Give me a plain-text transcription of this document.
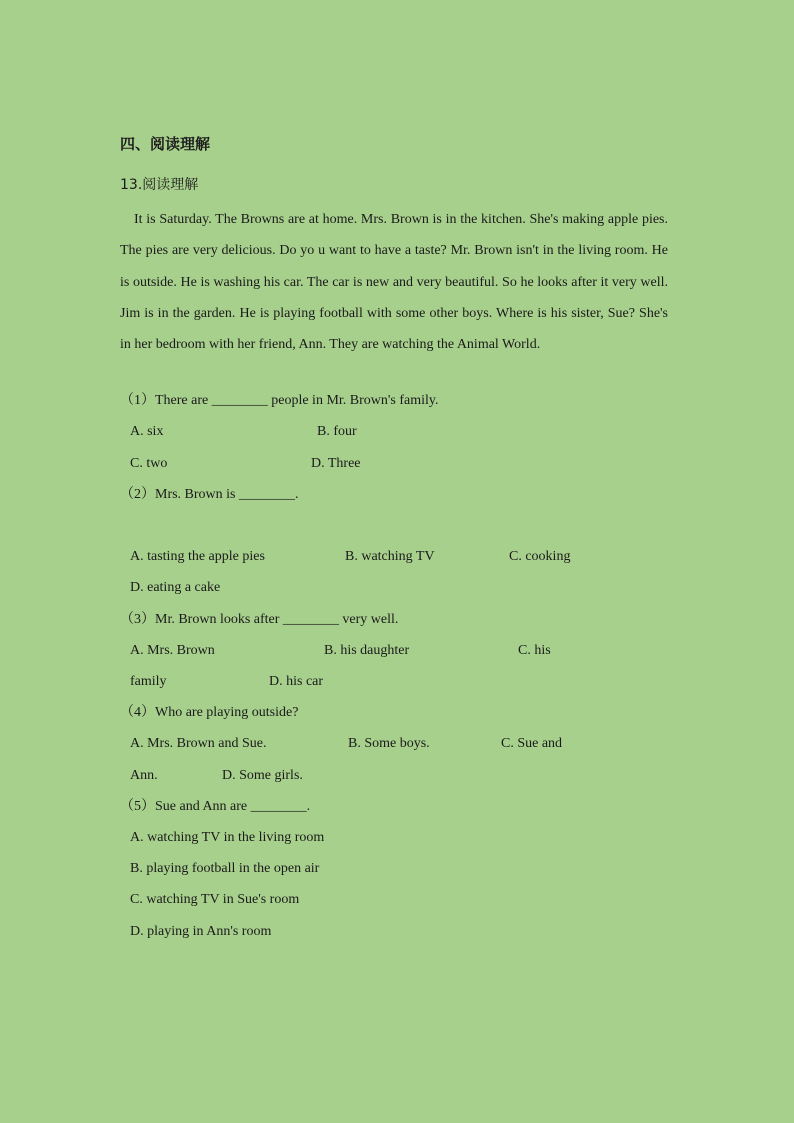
四、阅读理解
13.阅读理解
It is Saturday. The Browns are at home. Mrs. Brown is in the kitchen. She's making apple pies. The pies are very delicious. Do yo u want to have a taste? Mr. Brown isn't in the living room. He is outside. He is washing his car. The car is new and very beautiful. So he looks after it very well. Jim is in the garden. He is playing football with some other boys. Where is his sister, Sue? She's in her bedroom with her friend, Ann. They are watching the Animal World.
（1）There are ________ people in Mr. Brown's family.
A. six	B. four
C. two	D. Three
（2）Mrs. Brown is ________.
A. tasting the apple pies	B. watching TV	C. cooking
D. eating a cake
（3）Mr. Brown looks after ________ very well.
A. Mrs. Brown	B. his daughter	C. his
family	D. his car
（4）Who are playing outside?
A. Mrs. Brown and Sue.	B. Some boys.	C. Sue and
Ann.	D. Some girls.
（5）Sue and Ann are ________.
A. watching TV in the living room
B. playing football in the open air
C. watching TV in Sue's room
D. playing in Ann's room
